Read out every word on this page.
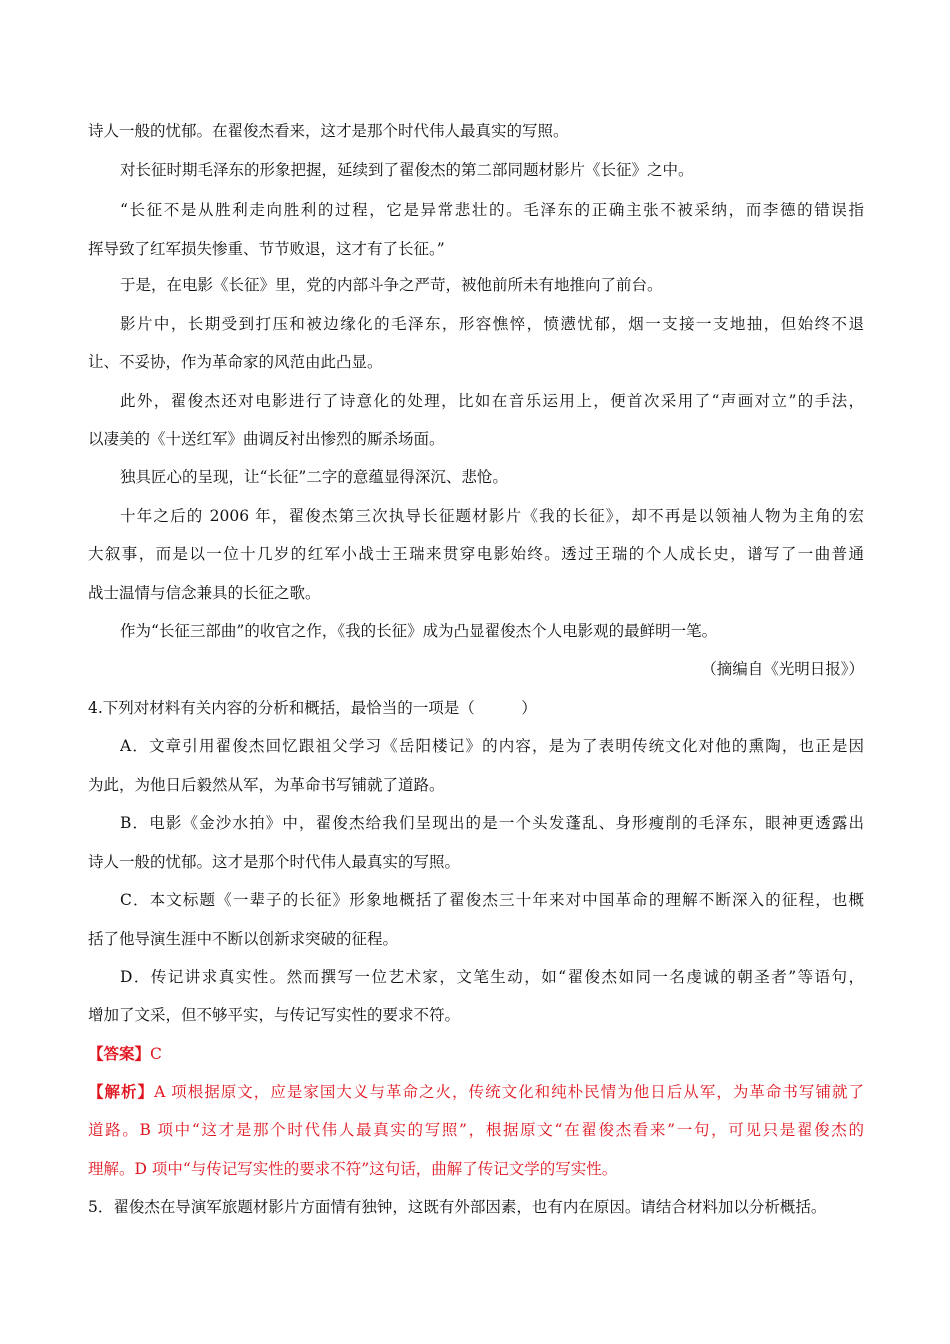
诗人一般的忧郁。在翟俊杰看来，这才是那个时代伟人最真实的写照。
对长征时期毛泽东的形象把握，延续到了翟俊杰的第二部同题材影片《长征》之中。
“长征不是从胜利走向胜利的过程，它是异常悲壮的。毛泽东的正确主张不被采纳，而李德的错误指
挥导致了红军损失惨重、节节败退，这才有了长征。”
于是，在电影《长征》里，党的内部斗争之严苛，被他前所未有地推向了前台。
影片中，长期受到打压和被边缘化的毛泽东，形容憔悴，愤懑忧郁，烟一支接一支地抽，但始终不退
让、不妥协，作为革命家的风范由此凸显。
此外，翟俊杰还对电影进行了诗意化的处理，比如在音乐运用上，便首次采用了“声画对立”的手法，
以凄美的《十送红军》曲调反衬出惨烈的厮杀场面。
独具匠心的呈现，让“长征”二字的意蕴显得深沉、悲怆。
十年之后的 2006 年，翟俊杰第三次执导长征题材影片《我的长征》，却不再是以领袖人物为主角的宏
大叙事，而是以一位十几岁的红军小战士王瑞来贯穿电影始终。透过王瑞的个人成长史，谱写了一曲普通
战士温情与信念兼具的长征之歌。
作为“长征三部曲”的收官之作，《我的长征》成为凸显翟俊杰个人电影观的最鲜明一笔。
（摘编自《光明日报》）
4.下列对材料有关内容的分析和概括，最恰当的一项是（　　　）
A．文章引用翟俊杰回忆跟祖父学习《岳阳楼记》的内容，是为了表明传统文化对他的熏陶，也正是因
为此，为他日后毅然从军，为革命书写铺就了道路。
B．电影《金沙水拍》中，翟俊杰给我们呈现出的是一个头发蓬乱、身形瘦削的毛泽东，眼神更透露出
诗人一般的忧郁。这才是那个时代伟人最真实的写照。
C．本文标题《一辈子的长征》形象地概括了翟俊杰三十年来对中国革命的理解不断深入的征程，也概
括了他导演生涯中不断以创新求突破的征程。
D．传记讲求真实性。然而撰写一位艺术家，文笔生动，如“翟俊杰如同一名虔诚的朝圣者”等语句，
增加了文采，但不够平实，与传记写实性的要求不符。
【答案】C
【解析】A 项根据原文，应是家国大义与革命之火，传统文化和纯朴民情为他日后从军，为革命书写铺就了
道路。B 项中“这才是那个时代伟人最真实的写照”，根据原文“在翟俊杰看来”一句，可见只是翟俊杰的
理解。D 项中“与传记写实性的要求不符”这句话，曲解了传记文学的写实性。
5．翟俊杰在导演军旅题材影片方面情有独钟，这既有外部因素，也有内在原因。请结合材料加以分析概括。
